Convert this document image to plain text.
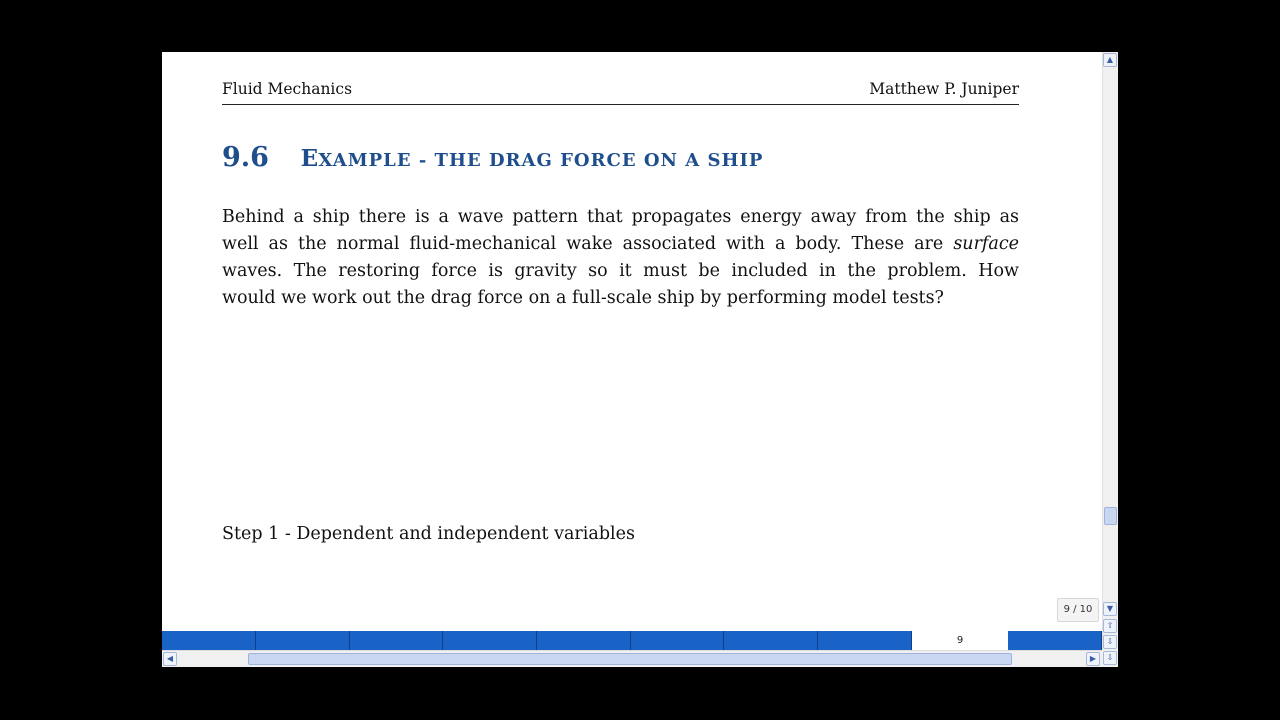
Fluid Mechanics	Matthew P. Juniper
9.6 EXAMPLE - THE DRAG FORCE ON A SHIP
Behind a ship there is a wave pattern that propagates energy away from the ship as
well as the normal fluid-mechanical wake associated with a body. These are surface
waves. The restoring force is gravity so it must be included in the problem. How
would we work out the drag force on a full-scale ship by performing model tests?
Step 1 - Dependent and independent variables
9 / 10
▲
▼
⇧
⇩
9
◀	▶	⇩
